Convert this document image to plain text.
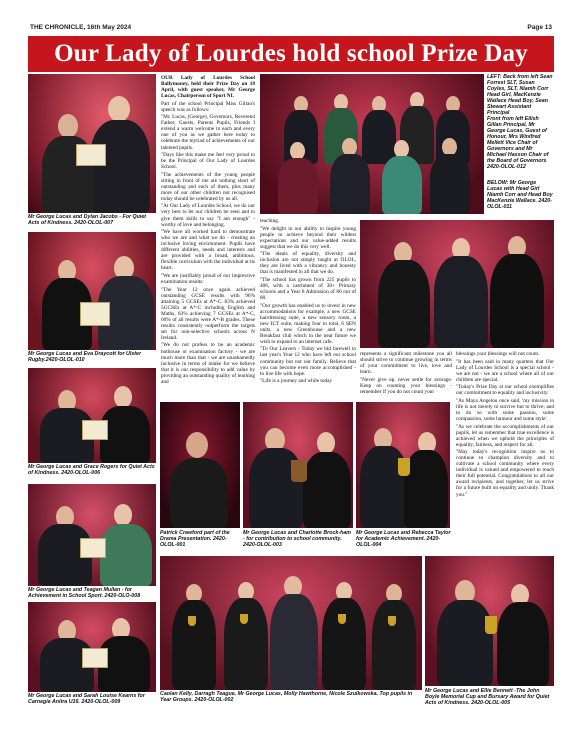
THE CHRONICLE, 16th May 2024	Page 13
Our Lady of Lourdes hold school Prize Day
Mr George Lucas and Dylan Jacobs - For Quiet Acts of Kindness. 2420-OLOL-007
Mr George Lucas and Eva Draycott for Ulster Rugby.2420-OLOL-010
Mr George Lucas and Grace Rogers for Quiet Acts of Kindness. 2420-OLOL-006
Mr George Lucas and Teagan Mullan - for Achievement in School Sport. 2420-OLO-008
Mr George Lucas and Sarah Louise Kearns for Carnegie Anitra U16. 2420-OLOL-009

OUR Lady of Lourdes School Ballymoney, held their Prize Day on 18 April, with guest speaker, Mr George Lucas, Chairperson of Sport NI.

Part of the school Principal Miss Gillan's speech was as follows:

"Mr. Lucas, (George), Governors, Reverend Father, Guests, Parents Pupils, Friends I extend a warm welcome to each and every one of you as we gather here today to celebrate the myriad of achievements of our talented pupils.

"Days like this make me feel very proud to be the Principal of Our Lady of Lourdes School.

"The achievements of the young people sitting in front of me are nothing short of outstanding and each of them, plus many more of our other children not recognised today should be celebrated by us all.

"At Our Lady of Lourdes School, we do our very best to let our children be seen and to give them skills to say "I am enough" - worthy of love and belonging.

"We have all worked hard to demonstrate who we are and what we do - creating an inclusive loving environment. Pupils have different abilities, needs and interests and are provided with a broad, ambitious, flexible curriculum with the individual at its heart.

"We are justifiably proud of our impressive examination results:

"The Year 12 once again achieved outstanding GCSE results with 96% attaining 5 GCSEs at A*-C. 83% achieved 5GCSEs at A*-C including English and Maths, 83% achieving 7 GCSEs at A*-C, 60% of all results were A*-B grades. These results consistently outperform the targets set for non-selective schools across N Ireland.

"We do not profess to be an academic hothouse or examination factory - we are much more than that - we are unashamedly inclusive in terms of intake for we believe that it is our responsibility to add value by providing an outstanding quality of learning and

LEFT: Back from left Sean Forrest SLT, Susan Coyles, SLT, Niamh Corr Head Girl, MacKenzie Wallace Head Boy, Sean Stewart Assistant Principal
Front from left Eilish Gillan Principal, Mr George Lucas, Guest of Honour, Mrs Winifred Mellett Vice Chair of Governors and Mr Michael Hasson Chair of the Board of Governors 2420-OLOL-012
BELOW: Mr George Lucas with Head Girl Niamh Corr and Head Boy MacKenzie Wallace. 2420-OLOL-011

teaching.

"We delight in our ability to inspire young people to achieve beyond their wildest expectations and our value-added results suggest that we do this very well.

"The ideals of equality, diversity and inclusion are not simply taught at OLOL, they are lived with a vibrancy and honesty that is manifested in all that we do.

"The school has grown from 225 pupils to 406, with a catchment of 30+ Primary schools and a Year 8 Admission of 80 out of 80.

"Our growth has enabled us to invest in new accommodations for example, a new GCSE hairdressing suite, a new sensory room, a new ICT suite, making four in total, 6 SEN units, a new Greenhouse and a new Breakfast club which in the near future we wish to expand to an internet cafe.

"To Our Leavers - Today we bid farewell to last year's Year 12 who have left our school community but not our family. Believe that you can become even more accomplished - to live life with hope.

"Life is a journey and while today

represents a significant milestone you all should strive to continue growing in terms of your commitment to live, love and learn.

"Never give up, never settle for average. Keep on counting your blessings - remember if you do not count your

blessings your blessings will not count.

"It has been said in many quarters that Our Lady of Lourdes School is a special school - we are not - we are a school where all of our children are special.

"Today's Prize Day at our school exemplifies our commitment to equality and inclusivity.

"As Maya Angelou once said, 'my mission in life is not merely to survive but to thrive; and to do so with some passion, some compassion, some humour and some style'.

"As we celebrate the accomplishments of our pupils, let us remember that true excellence is achieved when we uphold the principles of equality, fairness, and respect for all.

"May today's recognition inspire us to continue to champion diversity and to cultivate a school community where every individual is valued and empowered to reach their full potential. Congratulations to all our award recipients, and together, let us strive for a future built on equality and unity. Thank you."

Patrick Crawford part of the Drama Presentation. 2420-OLOL-001
Mr George Lucas and Charlotte Brock-ham - for contribution to school community. 2420-OLOL-003
Mr George Lucas and Rebecca Taylor for Academic Achievement. 2420-OLOL-004
Caolan Kelly, Darragh Teague, Mr George Lucas, Molly Hawthorne, Nicole Szulkowska. Top pupils in Year Groups. 2420-OLOL-002
Mr George Lucas and Ellie Bennett -The John Boyle Memorial Cup and Bursary Award for Quiet Acts of Kindness. 2420-OLOL-005
